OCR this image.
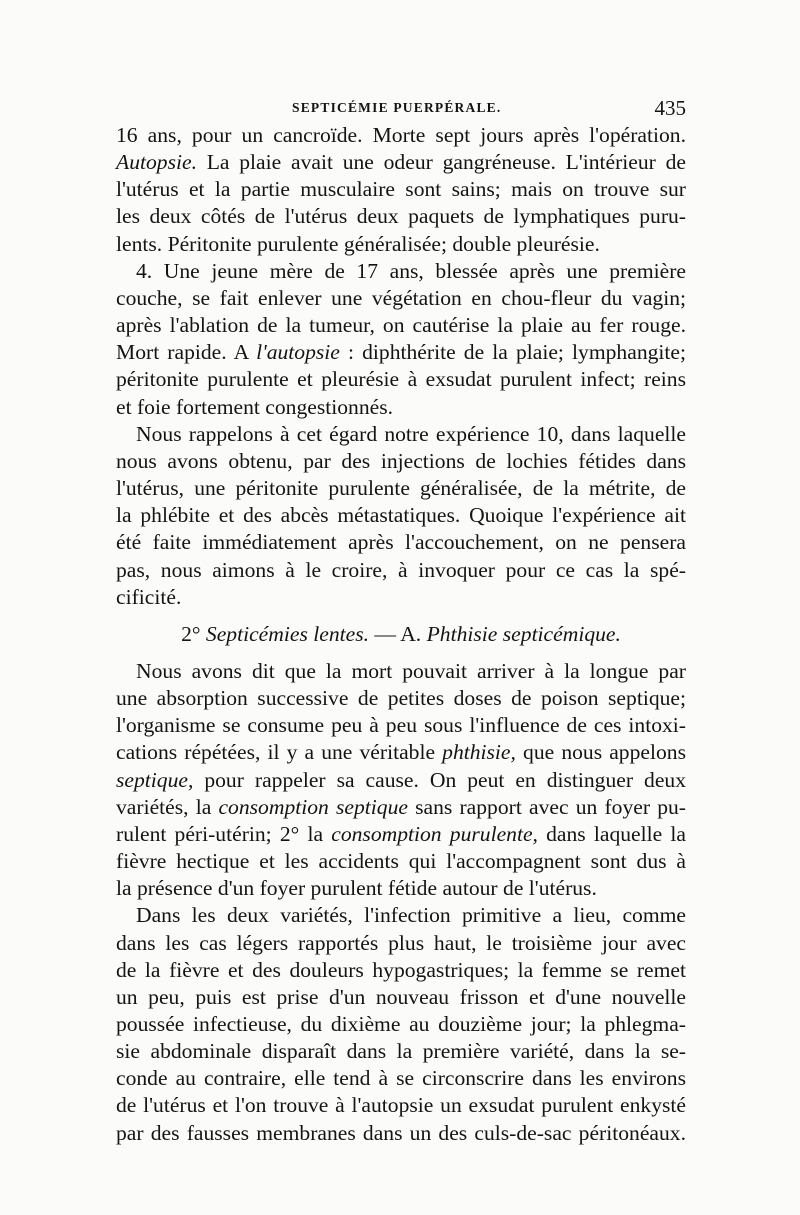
SEPTICÉMIE PUERPÉRALE.	435
16 ans, pour un cancroïde. Morte sept jours après l'opération.
Autopsie. La plaie avait une odeur gangréneuse. L'intérieur de
l'utérus et la partie musculaire sont sains; mais on trouve sur
les deux côtés de l'utérus deux paquets de lymphatiques puru-
lents. Péritonite purulente généralisée; double pleurésie.
4. Une jeune mère de 17 ans, blessée après une première
couche, se fait enlever une végétation en chou-fleur du vagin;
après l'ablation de la tumeur, on cautérise la plaie au fer rouge.
Mort rapide. A l'autopsie : diphthérite de la plaie; lymphangite;
péritonite purulente et pleurésie à exsudat purulent infect; reins
et foie fortement congestionnés.
Nous rappelons à cet égard notre expérience 10, dans laquelle
nous avons obtenu, par des injections de lochies fétides dans
l'utérus, une péritonite purulente généralisée, de la métrite, de
la phlébite et des abcès métastatiques. Quoique l'expérience ait
été faite immédiatement après l'accouchement, on ne pensera
pas, nous aimons à le croire, à invoquer pour ce cas la spé-
cificité.
2° Septicémies lentes. — A. Phthisie septicémique.
Nous avons dit que la mort pouvait arriver à la longue par
une absorption successive de petites doses de poison septique;
l'organisme se consume peu à peu sous l'influence de ces intoxi-
cations répétées, il y a une véritable phthisie, que nous appelons
septique, pour rappeler sa cause. On peut en distinguer deux
variétés, la consomption septique sans rapport avec un foyer pu-
rulent péri-utérin; 2° la consomption purulente, dans laquelle la
fièvre hectique et les accidents qui l'accompagnent sont dus à
la présence d'un foyer purulent fétide autour de l'utérus.
Dans les deux variétés, l'infection primitive a lieu, comme
dans les cas légers rapportés plus haut, le troisième jour avec
de la fièvre et des douleurs hypogastriques; la femme se remet
un peu, puis est prise d'un nouveau frisson et d'une nouvelle
poussée infectieuse, du dixième au douzième jour; la phlegma-
sie abdominale disparaît dans la première variété, dans la se-
conde au contraire, elle tend à se circonscrire dans les environs
de l'utérus et l'on trouve à l'autopsie un exsudat purulent enkysté
par des fausses membranes dans un des culs-de-sac péritonéaux.
